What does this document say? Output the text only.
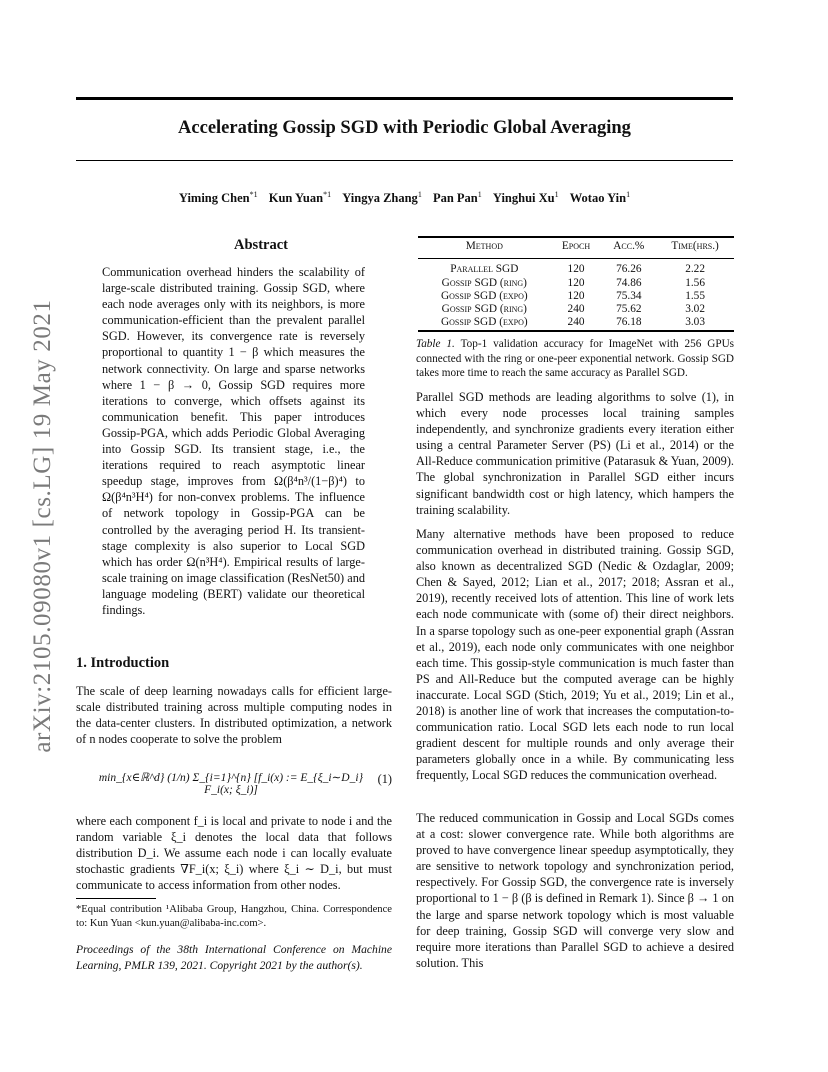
arXiv:2105.09080v1 [cs.LG] 19 May 2021
Accelerating Gossip SGD with Periodic Global Averaging
Yiming Chen$^{*1}$ Kun Yuan$^{*1}$ Yingya Zhang$^1$ Pan Pan$^1$ Yinghui Xu$^1$ Wotao Yin$^1$
Abstract
Communication overhead hinders the scalability of large-scale distributed training. Gossip SGD, where each node averages only with its neighbors, is more communication-efficient than the prevalent parallel SGD. However, its convergence rate is reversely proportional to quantity 1 − β which measures the network connectivity. On large and sparse networks where 1 − β → 0, Gossip SGD requires more iterations to converge, which offsets against its communication benefit. This paper introduces Gossip-PGA, which adds Periodic Global Averaging into Gossip SGD. Its transient stage, i.e., the iterations required to reach asymptotic linear speedup stage, improves from Ω(β⁴n³/(1−β)⁴) to Ω(β⁴n³H⁴) for non-convex problems. The influence of network topology in Gossip-PGA can be controlled by the averaging period H. Its transient-stage complexity is also superior to Local SGD which has order Ω(n³H⁴). Empirical results of large-scale training on image classification (ResNet50) and language modeling (BERT) validate our theoretical findings.
1. Introduction
The scale of deep learning nowadays calls for efficient large-scale distributed training across multiple computing nodes in the data-center clusters. In distributed optimization, a network of n nodes cooperate to solve the problem
min_{x∈ℝ^d} (1/n) Σ_{i=1}^{n} [f_i(x) := E_{ξ_i∼D_i} F_i(x; ξ_i)]
(1)
where each component f_i is local and private to node i and the random variable ξ_i denotes the local data that follows distribution D_i. We assume each node i can locally evaluate stochastic gradients ∇F_i(x; ξ_i) where ξ_i ∼ D_i, but must communicate to access information from other nodes.
*Equal contribution ¹Alibaba Group, Hangzhou, China. Correspondence to: Kun Yuan <kun.yuan@alibaba-inc.com>.
Proceedings of the 38th International Conference on Machine Learning, PMLR 139, 2021. Copyright 2021 by the author(s).
Method	Epoch	Acc.%	Time(hrs.)
Parallel SGD	120	76.26	2.22
Gossip SGD (ring)	120	74.86	1.56
Gossip SGD (expo)	120	75.34	1.55
Gossip SGD (ring)	240	75.62	3.02
Gossip SGD (expo)	240	76.18	3.03
Table 1. Top-1 validation accuracy for ImageNet with 256 GPUs connected with the ring or one-peer exponential network. Gossip SGD takes more time to reach the same accuracy as Parallel SGD.
Parallel SGD methods are leading algorithms to solve (1), in which every node processes local training samples independently, and synchronize gradients every iteration either using a central Parameter Server (PS) (Li et al., 2014) or the All-Reduce communication primitive (Patarasuk & Yuan, 2009). The global synchronization in Parallel SGD either incurs significant bandwidth cost or high latency, which hampers the training scalability.
Many alternative methods have been proposed to reduce communication overhead in distributed training. Gossip SGD, also known as decentralized SGD (Nedic & Ozdaglar, 2009; Chen & Sayed, 2012; Lian et al., 2017; 2018; Assran et al., 2019), recently received lots of attention. This line of work lets each node communicate with (some of) their direct neighbors. In a sparse topology such as one-peer exponential graph (Assran et al., 2019), each node only communicates with one neighbor each time. This gossip-style communication is much faster than PS and All-Reduce but the computed average can be highly inaccurate. Local SGD (Stich, 2019; Yu et al., 2019; Lin et al., 2018) is another line of work that increases the computation-to-communication ratio. Local SGD lets each node to run local gradient descent for multiple rounds and only average their parameters globally once in a while. By communicating less frequently, Local SGD reduces the communication overhead.
The reduced communication in Gossip and Local SGDs comes at a cost: slower convergence rate. While both algorithms are proved to have convergence linear speedup asymptotically, they are sensitive to network topology and synchronization period, respectively. For Gossip SGD, the convergence rate is inversely proportional to 1 − β (β is defined in Remark 1). Since β → 1 on the large and sparse network topology which is most valuable for deep training, Gossip SGD will converge very slow and require more iterations than Parallel SGD to achieve a desired solution. This
